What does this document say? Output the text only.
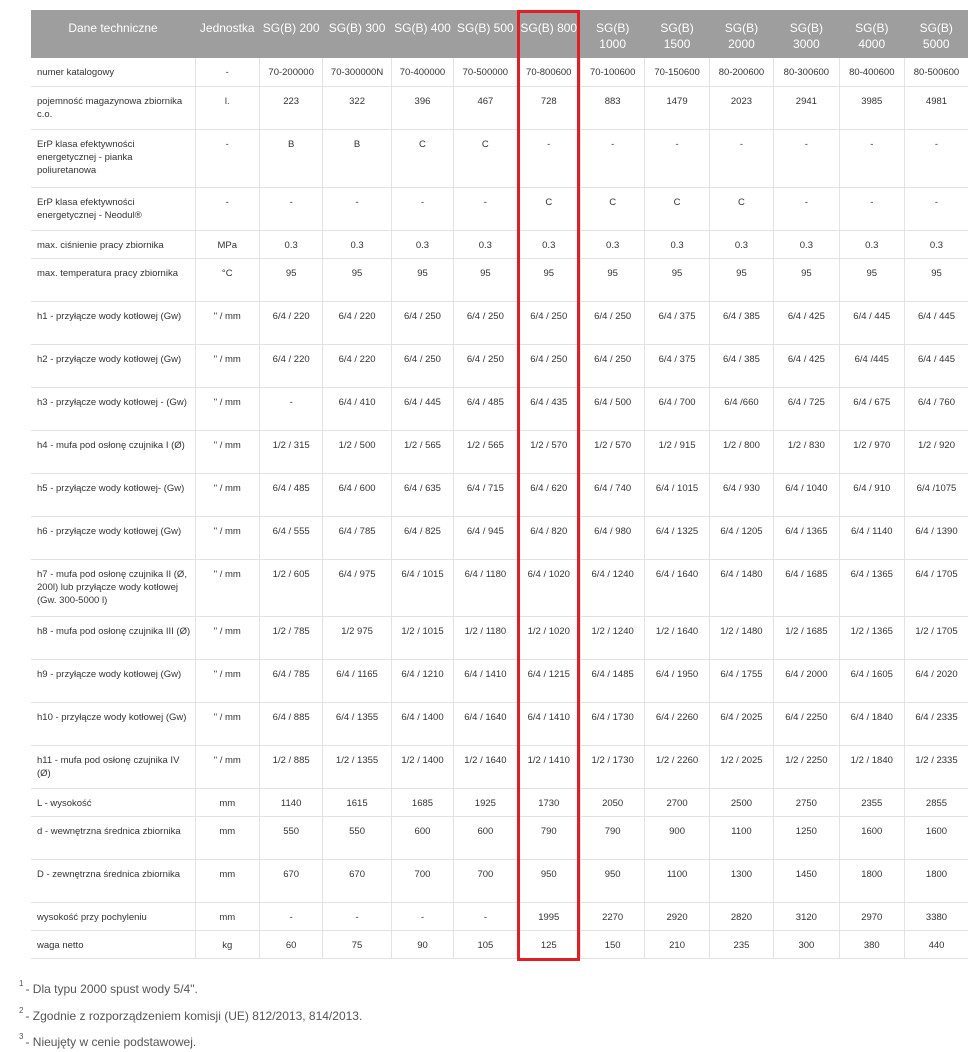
Dane techniczne	Jednostka	SG(B) 200	SG(B) 300	SG(B) 400	SG(B) 500	SG(B) 800	SG(B) 1000	SG(B) 1500	SG(B) 2000	SG(B) 3000	SG(B) 4000	SG(B) 5000

numer katalogowy	-	70-200000	70-300000N	70-400000	70-500000	70-800600	70-100600	70-150600	80-200600	80-300600	80-400600	80-500600
pojemność magazynowa zbiornika c.o.	l.	223	322	396	467	728	883	1479	2023	2941	3985	4981
ErP klasa efektywności energetycznej - pianka poliuretanowa	-	B	B	C	C	-	-	-	-	-	-	-
ErP klasa efektywności energetycznej - Neodul®	-	-	-	-	-	C	C	C	C	-	-	-
max. ciśnienie pracy zbiornika	MPa	0.3	0.3	0.3	0.3	0.3	0.3	0.3	0.3	0.3	0.3	0.3
max. temperatura pracy zbiornika	°C	95	95	95	95	95	95	95	95	95	95	95
h1 - przyłącze wody kotłowej (Gw)	" / mm	6/4 / 220	6/4 / 220	6/4 / 250	6/4 / 250	6/4 / 250	6/4 / 250	6/4 / 375	6/4 / 385	6/4 / 425	6/4 / 445	6/4 / 445
h2 - przyłącze wody kotłowej (Gw)	" / mm	6/4 / 220	6/4 / 220	6/4 / 250	6/4 / 250	6/4 / 250	6/4 / 250	6/4 / 375	6/4 / 385	6/4 / 425	6/4 /445	6/4 / 445
h3 - przyłącze wody kotłowej - (Gw)	" / mm	-	6/4 / 410	6/4 / 445	6/4 / 485	6/4 / 435	6/4 / 500	6/4 / 700	6/4 /660	6/4 / 725	6/4 / 675	6/4 / 760
h4 - mufa pod osłonę czujnika I (Ø)	" / mm	1/2 / 315	1/2 / 500	1/2 / 565	1/2 / 565	1/2 / 570	1/2 / 570	1/2 / 915	1/2 / 800	1/2 / 830	1/2 / 970	1/2 / 920
h5 - przyłącze wody kotłowej- (Gw)	" / mm	6/4 / 485	6/4 / 600	6/4 / 635	6/4 / 715	6/4 / 620	6/4 / 740	6/4 / 1015	6/4 / 930	6/4 / 1040	6/4 / 910	6/4 /1075
h6 - przyłącze wody kotłowej (Gw)	" / mm	6/4 / 555	6/4 / 785	6/4 / 825	6/4 / 945	6/4 / 820	6/4 / 980	6/4 / 1325	6/4 / 1205	6/4 / 1365	6/4 / 1140	6/4 / 1390
h7 - mufa pod osłonę czujnika II (Ø, 200l) lub przyłącze wody kotłowej (Gw. 300-5000 l)	" / mm	1/2 / 605	6/4 / 975	6/4 / 1015	6/4 / 1180	6/4 / 1020	6/4 / 1240	6/4 / 1640	6/4 / 1480	6/4 / 1685	6/4 / 1365	6/4 / 1705
h8 - mufa pod osłonę czujnika III (Ø)	" / mm	1/2 / 785	1/2 975	1/2 / 1015	1/2 / 1180	1/2 / 1020	1/2 / 1240	1/2 / 1640	1/2 / 1480	1/2 / 1685	1/2 / 1365	1/2 / 1705
h9 - przyłącze wody kotłowej (Gw)	" / mm	6/4 / 785	6/4 / 1165	6/4 / 1210	6/4 / 1410	6/4 / 1215	6/4 / 1485	6/4 / 1950	6/4 / 1755	6/4 / 2000	6/4 / 1605	6/4 / 2020
h10 - przyłącze wody kotłowej (Gw)	" / mm	6/4 / 885	6/4 / 1355	6/4 / 1400	6/4 / 1640	6/4 / 1410	6/4 / 1730	6/4 / 2260	6/4 / 2025	6/4 / 2250	6/4 / 1840	6/4 / 2335
h11 - mufa pod osłonę czujnika IV (Ø)	" / mm	1/2 / 885	1/2 / 1355	1/2 / 1400	1/2 / 1640	1/2 / 1410	1/2 / 1730	1/2 / 2260	1/2 / 2025	1/2 / 2250	1/2 / 1840	1/2 / 2335
L - wysokość	mm	1140	1615	1685	1925	1730	2050	2700	2500	2750	2355	2855
d - wewnętrzna średnica zbiornika	mm	550	550	600	600	790	790	900	1100	1250	1600	1600
D - zewnętrzna średnica zbiornika	mm	670	670	700	700	950	950	1100	1300	1450	1800	1800
wysokość przy pochyleniu	mm	-	-	-	-	1995	2270	2920	2820	3120	2970	3380
waga netto	kg	60	75	90	105	125	150	210	235	300	380	440
$^1$ - Dla typu 2000 spust wody 5/4".
$^2$ - Zgodnie z rozporządzeniem komisji (UE) 812/2013, 814/2013.
$^3$ - Nieujęty w cenie podstawowej.
